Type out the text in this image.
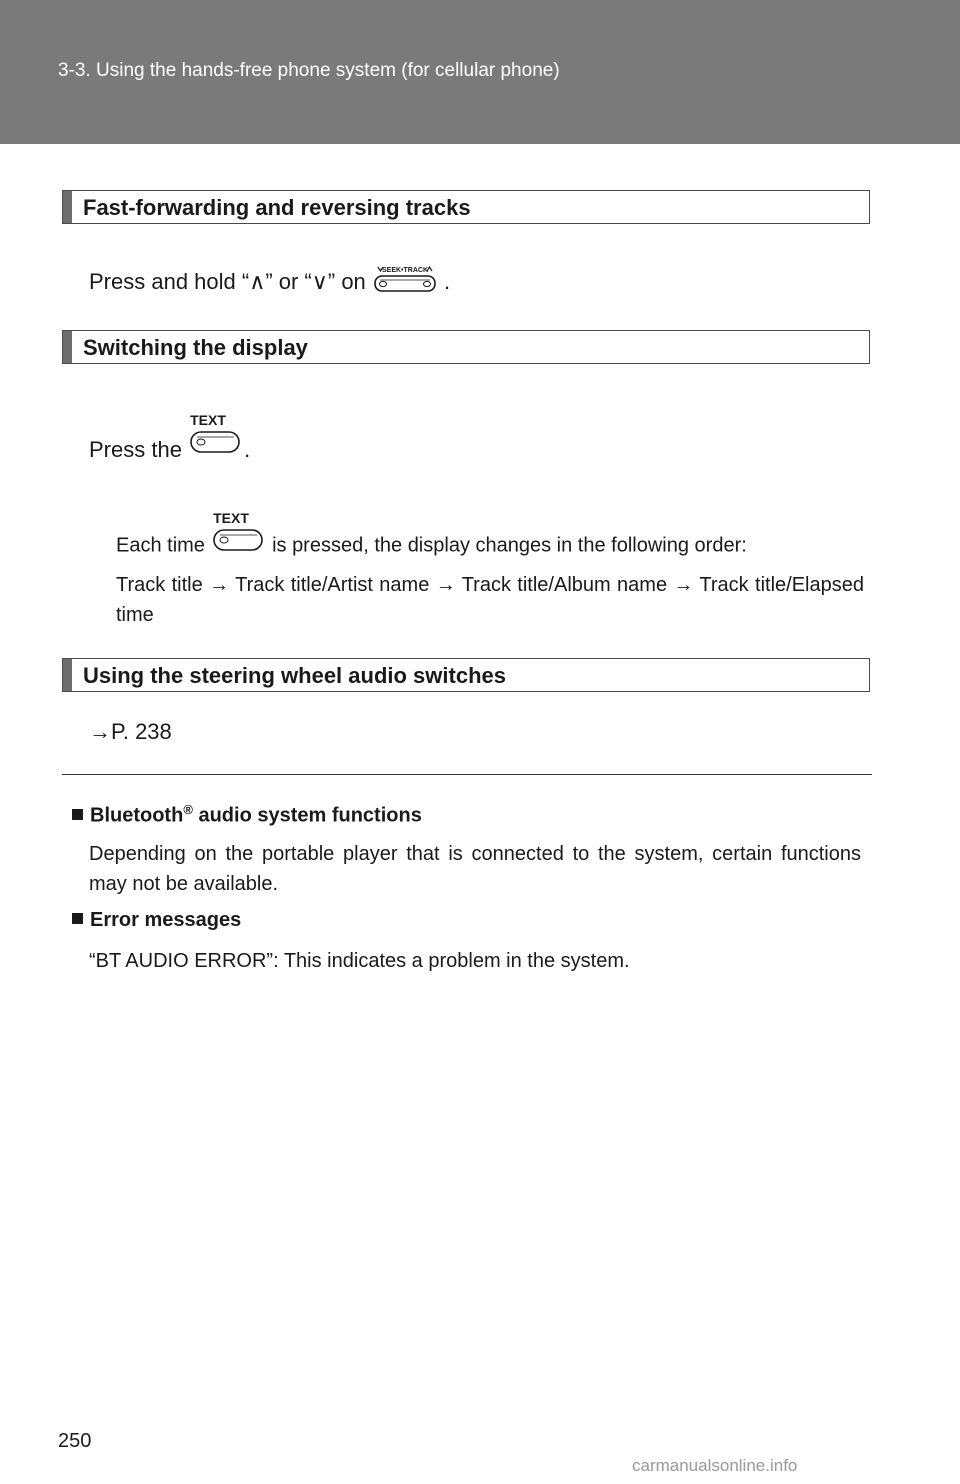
3-3. Using the hands-free phone system (for cellular phone)
Fast-forwarding and reversing tracks
Press and hold “∧” or “∨” on SEEK•TRACK .
Switching the display
Press the
TEXT
.
Each time
TEXT
is pressed, the display changes in the following order:
Track title → Track title/Artist name → Track title/Album name → Track title/Elapsed time
Using the steering wheel audio switches
→P. 238
Bluetooth® audio system functions
Depending on the portable player that is connected to the system, certain functions may not be available.
Error messages
“BT AUDIO ERROR”: This indicates a problem in the system.
250
carmanualsonline.info
